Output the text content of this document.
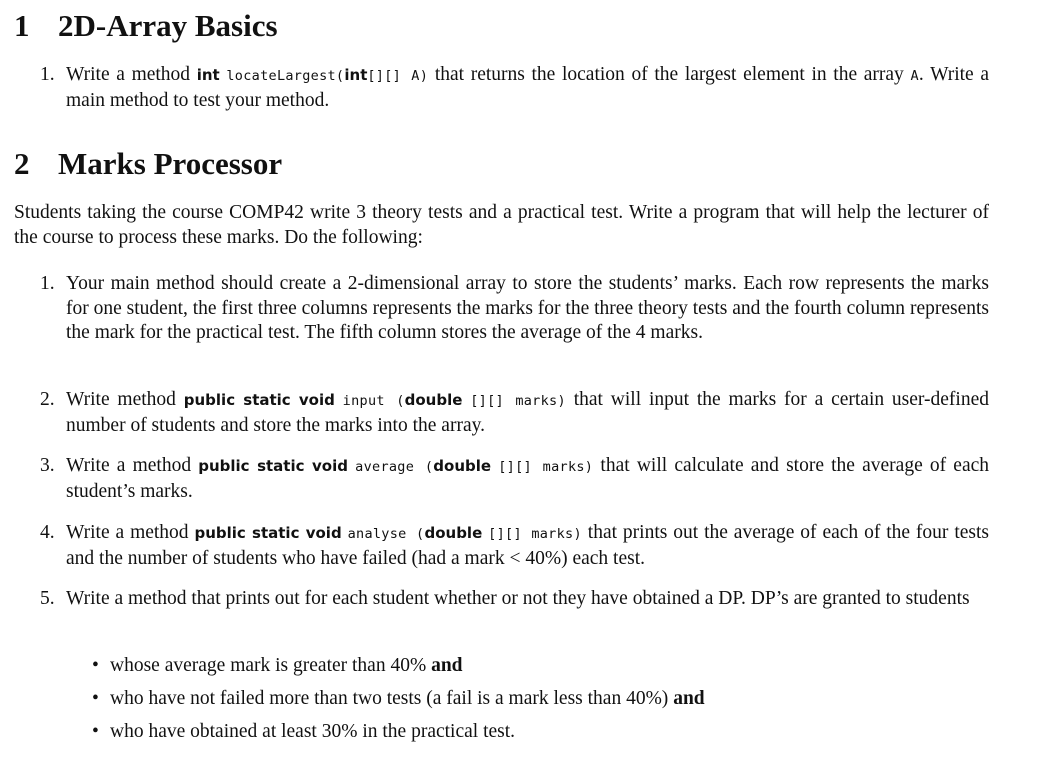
1 2D-Array Basics
1. Write a method int locateLargest(int[][] A) that returns the location of the largest element in the array A. Write a main method to test your method.
2 Marks Processor
Students taking the course COMP42 write 3 theory tests and a practical test. Write a program that will help the lecturer of the course to process these marks. Do the following:
1. Your main method should create a 2-dimensional array to store the students’ marks. Each row represents the marks for one student, the first three columns represents the marks for the three theory tests and the fourth column represents the mark for the practical test. The fifth column stores the average of the 4 marks.
2. Write method public static void input (double [][] marks) that will input the marks for a certain user-defined number of students and store the marks into the array.
3. Write a method public static void average (double [][] marks) that will calculate and store the average of each student’s marks.
4. Write a method public static void analyse (double [][] marks) that prints out the average of each of the four tests and the number of students who have failed (had a mark < 40%) each test.
5. Write a method that prints out for each student whether or not they have obtained a DP. DP’s are granted to students
• whose average mark is greater than 40% and
• who have not failed more than two tests (a fail is a mark less than 40%) and
• who have obtained at least 30% in the practical test.
